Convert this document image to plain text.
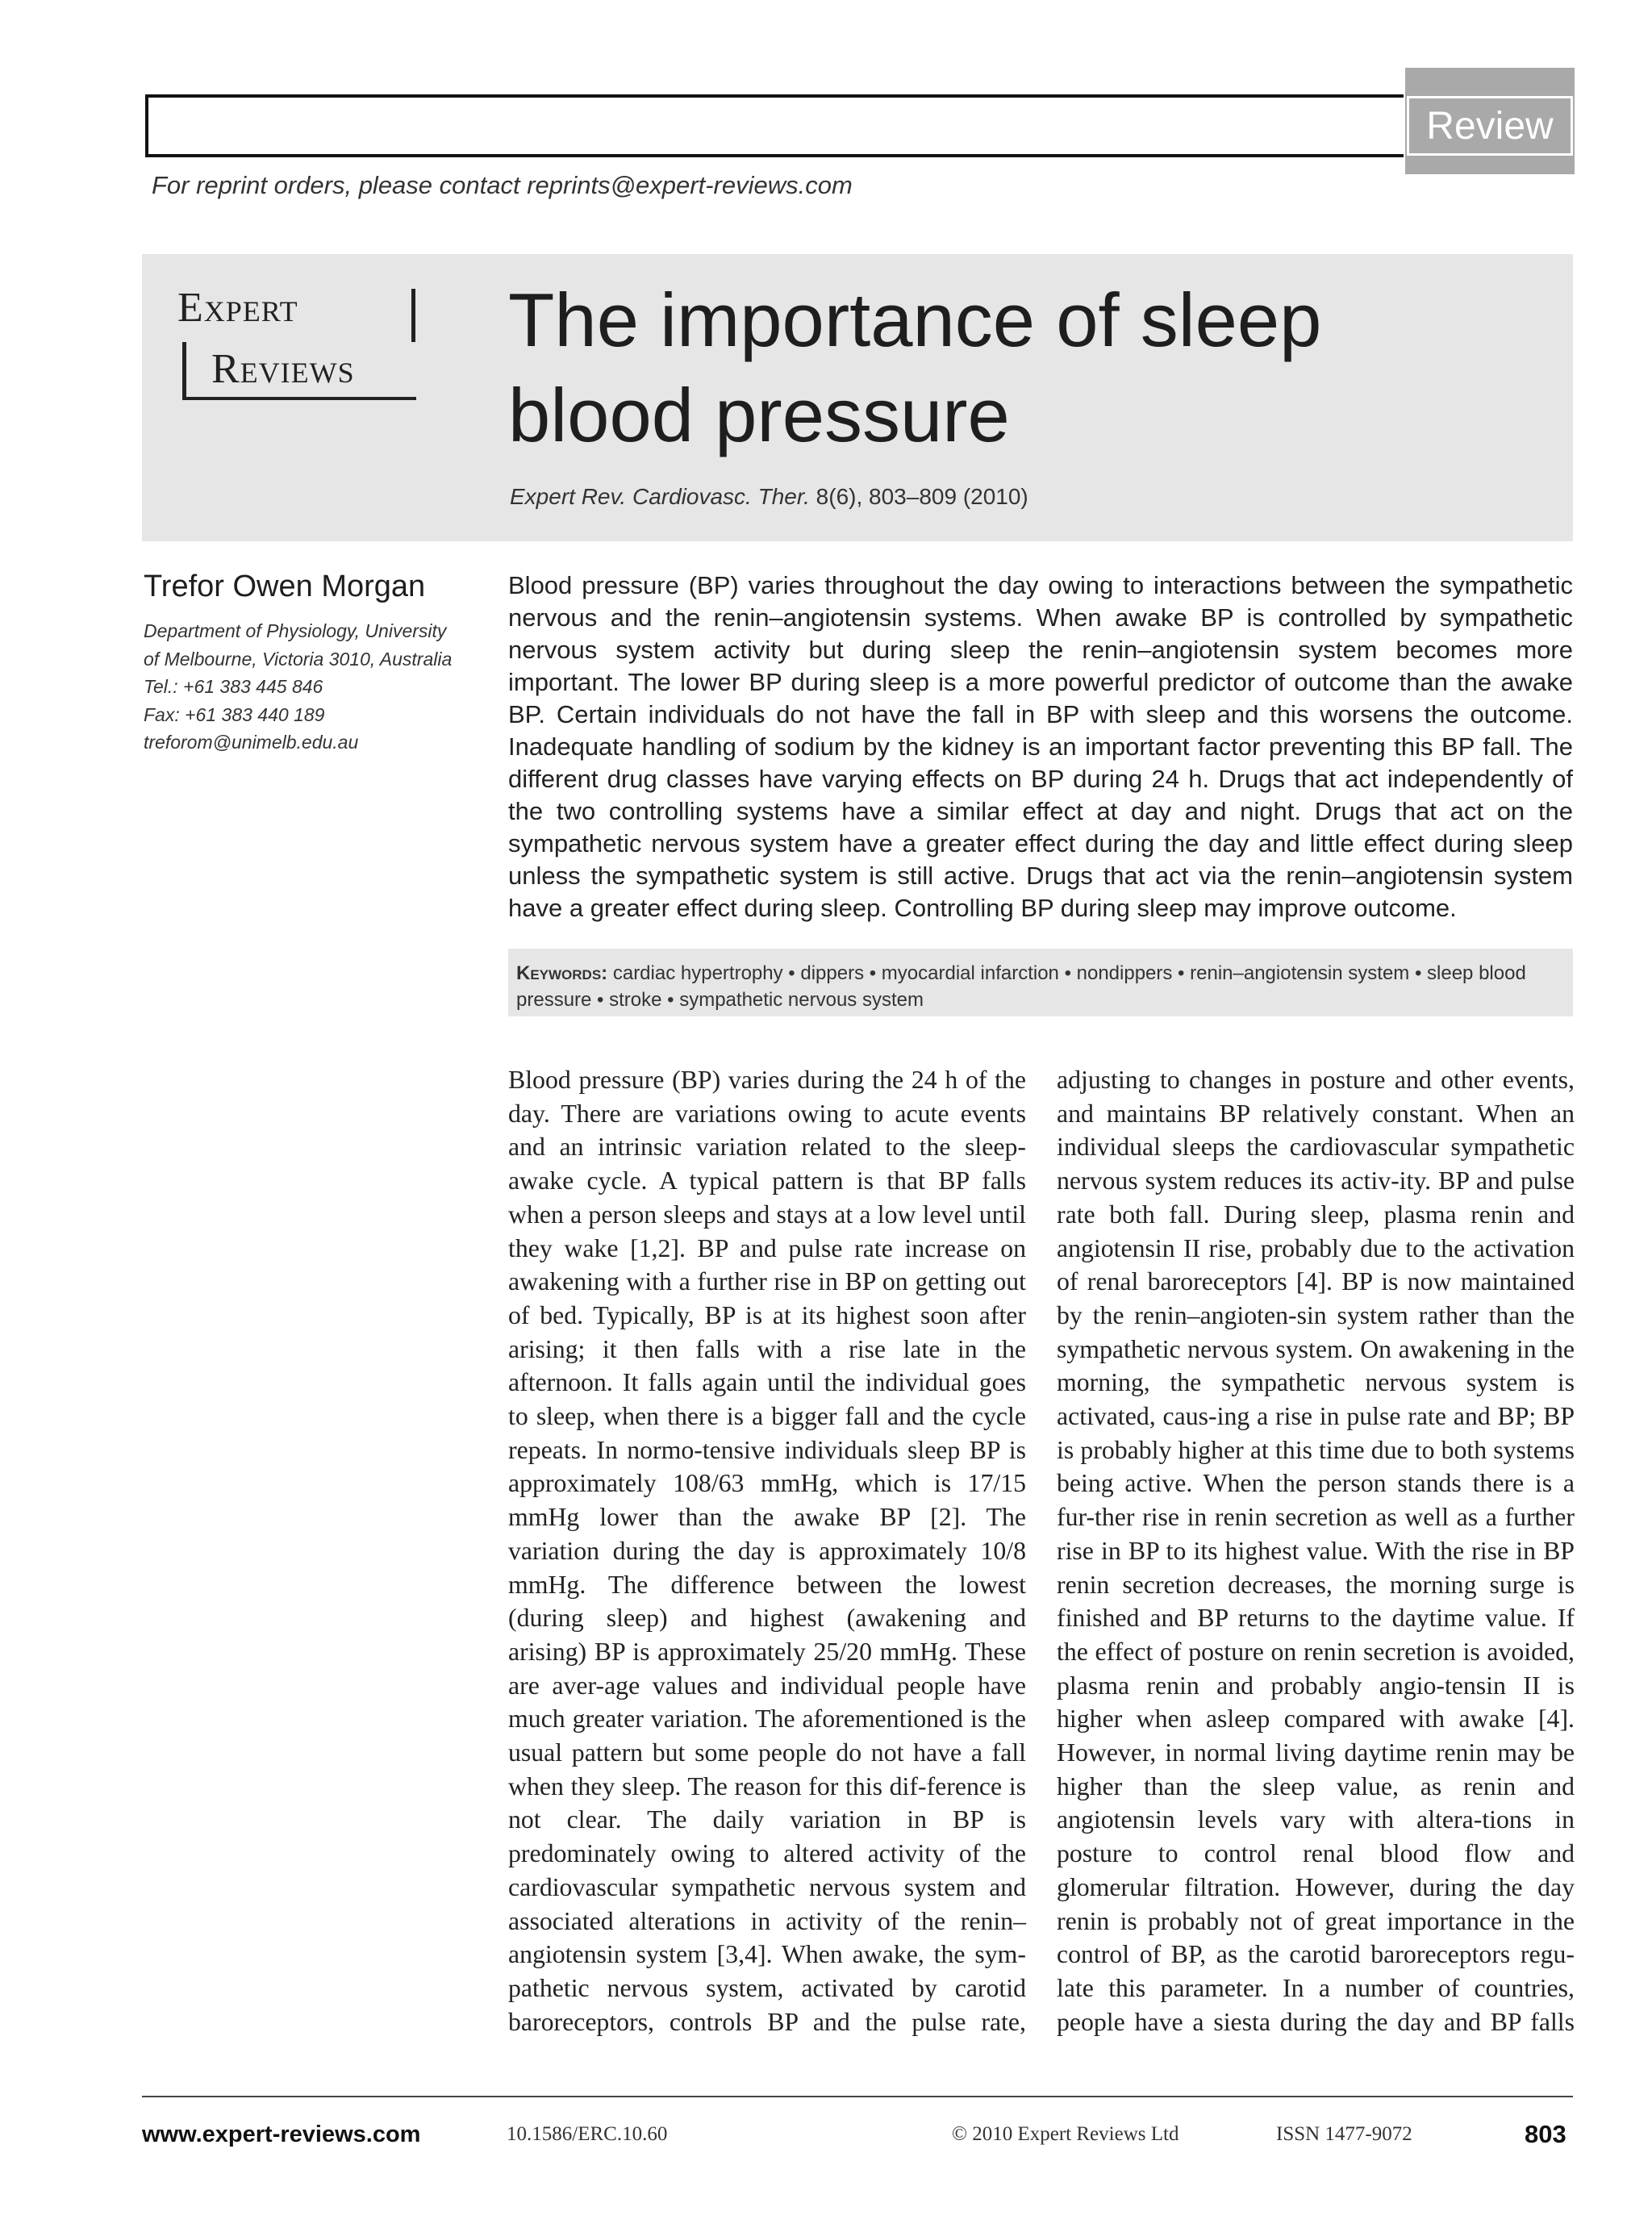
Review
For reprint orders, please contact reprints@expert-reviews.com
Expert
Reviews
The importance of sleep blood pressure
Expert Rev. Cardiovasc. Ther. 8(6), 803–809 (2010)
Trefor Owen Morgan
Department of Physiology, University
of Melbourne, Victoria 3010, Australia
Tel.: +61 383 445 846
Fax: +61 383 440 189
treforom@unimelb.edu.au
Blood pressure (BP) varies throughout the day owing to interactions between the sympathetic nervous and the renin–angiotensin systems. When awake BP is controlled by sympathetic nervous system activity but during sleep the renin–angiotensin system becomes more important. The lower BP during sleep is a more powerful predictor of outcome than the awake BP. Certain individuals do not have the fall in BP with sleep and this worsens the outcome. Inadequate handling of sodium by the kidney is an important factor preventing this BP fall. The different drug classes have varying effects on BP during 24 h. Drugs that act independently of the two controlling systems have a similar effect at day and night. Drugs that act on the sympathetic nervous system have a greater effect during the day and little effect during sleep unless the sympathetic system is still active. Drugs that act via the renin–angiotensin system have a greater effect during sleep. Controlling BP during sleep may improve outcome.
Keywords: cardiac hypertrophy • dippers • myocardial infarction • nondippers • renin–angiotensin system • sleep blood pressure • stroke • sympathetic nervous system
Blood pressure (BP) varies during the 24 h of the day. There are variations owing to acute events and an intrinsic variation related to the sleep-awake cycle. A typical pattern is that BP falls when a person sleeps and stays at a low level until they wake [1,2]. BP and pulse rate increase on awakening with a further rise in BP on getting out of bed. Typically, BP is at its highest soon after arising; it then falls with a rise late in the afternoon. It falls again until the individual goes to sleep, when there is a bigger fall and the cycle repeats. In normo-tensive individuals sleep BP is approximately 108/63 mmHg, which is 17/15 mmHg lower than the awake BP [2]. The variation during the day is approximately 10/8 mmHg. The difference between the lowest (during sleep) and highest (awakening and arising) BP is approximately 25/20 mmHg. These are aver-age values and individual people have much greater variation. The aforementioned is the usual pattern but some people do not have a fall when they sleep. The reason for this dif-ference is not clear. The daily variation in BP is predominately owing to altered activity of the cardiovascular sympathetic nervous system and associated alterations in activity of the renin–angiotensin system [3,4]. When awake, the sym-pathetic nervous system, activated by carotid baroreceptors, controls BP and the pulse rate,
adjusting to changes in posture and other events, and maintains BP relatively constant. When an individual sleeps the cardiovascular sympathetic nervous system reduces its activ-ity. BP and pulse rate both fall. During sleep, plasma renin and angiotensin II rise, probably due to the activation of renal baroreceptors [4]. BP is now maintained by the renin–angioten-sin system rather than the sympathetic nervous system. On awakening in the morning, the sympathetic nervous system is activated, caus-ing a rise in pulse rate and BP; BP is probably higher at this time due to both systems being active. When the person stands there is a fur-ther rise in renin secretion as well as a further rise in BP to its highest value. With the rise in BP renin secretion decreases, the morning surge is finished and BP returns to the daytime value. If the effect of posture on renin secretion is avoided, plasma renin and probably angio-tensin II is higher when asleep compared with awake [4]. However, in normal living daytime renin may be higher than the sleep value, as renin and angiotensin levels vary with altera-tions in posture to control renal blood flow and glomerular filtration. However, during the day renin is probably not of great importance in the control of BP, as the carotid baroreceptors regu-late this parameter. In a number of countries, people have a siesta during the day and BP falls
www.expert-reviews.com	10.1586/ERC.10.60	© 2010 Expert Reviews Ltd	ISSN 1477-9072	803
